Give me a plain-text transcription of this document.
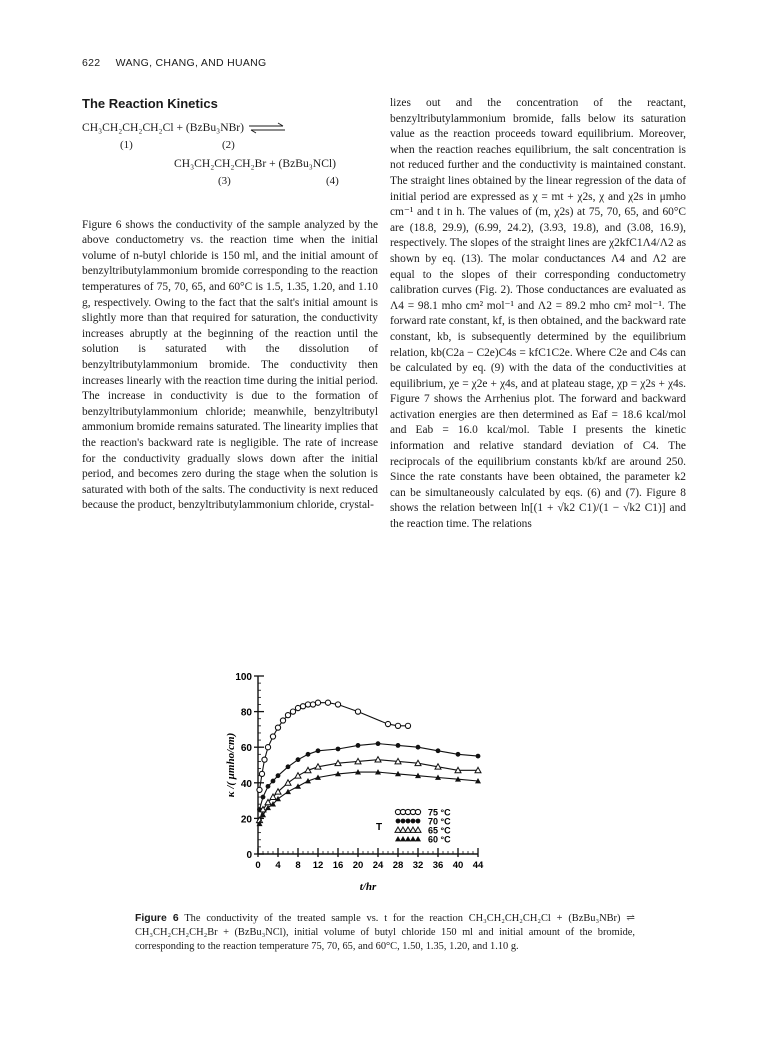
622 WANG, CHANG, AND HUANG
The Reaction Kinetics
CH₃CH₂CH₂CH₂Cl + (BzBu₃NBr) ⇌
(1)	(2)
CH₃CH₂CH₂CH₂Br + (BzBu₃NCl)
(3)	(4)

Figure 6 shows the conductivity of the sample analyzed by the above conductometry vs. the reaction time when the initial volume of n-butyl chloride is 150 ml, and the initial amount of benzyltributylammonium bromide corresponding to the reaction temperatures of 75, 70, 65, and 60°C is 1.5, 1.35, 1.20, and 1.10 g, respectively. Owing to the fact that the salt's initial amount is slightly more than that required for saturation, the conductivity increases abruptly at the beginning of the reaction until the solution is saturated with the dissolution of benzyltributylammonium bromide. The conductivity then increases linearly with the reaction time during the initial period. The increase in conductivity is due to the formation of benzyltributylammonium chloride; meanwhile, benzyltributyl ammonium bromide remains saturated. The linearity implies that the reaction's backward rate is negligible. The rate of increase for the conductivity gradually slows down after the initial period, and becomes zero during the stage when the solution is saturated with both of the salts. The conductivity is next reduced because the product, benzyltributylammonium chloride, crystal-

lizes out and the concentration of the reactant, benzyltributylammonium bromide, falls below its saturation value as the reaction proceeds toward equilibrium. Moreover, when the reaction reaches equilibrium, the salt concentration is not reduced further and the conductivity is maintained constant. The straight lines obtained by the linear regression of the data of initial period are expressed as χ = mt + χ2s, χ and χ2s in μmho cm⁻¹ and t in h. The values of (m, χ2s) at 75, 70, 65, and 60°C are (18.8, 29.9), (6.99, 24.2), (3.93, 19.8), and (3.08, 16.9), respectively. The slopes of the straight lines are χ2kfC1Λ4/Λ2 as shown by eq. (13). The molar conductances Λ4 and Λ2 are equal to the slopes of their corresponding conductometry calibration curves (Fig. 2). Those conductances are evaluated as Λ4 = 98.1 mho cm² mol⁻¹ and Λ2 = 89.2 mho cm² mol⁻¹. The forward rate constant, kf, is then obtained, and the backward rate constant, kb, is subsequently determined by the equilibrium relation, kb(C2a − C2e)C4s = kfC1C2e. Where C2e and C4s can be calculated by eq. (9) with the data of the conductivities at equilibrium, χe = χ2e + χ4s, and at plateau stage, χp = χ2s + χ4s. Figure 7 shows the Arrhenius plot. The forward and backward activation energies are then determined as Eaf = 18.6 kcal/mol and Eab = 16.0 kcal/mol. Table I presents the kinetic information and relative standard deviation of C4. The reciprocals of the equilibrium constants kb/kf are around 250. Since the rate constants have been obtained, the parameter k2 can be simultaneously calculated by eqs. (6) and (7). Figure 8 shows the relation between ln[(1 + √k2 C1)/(1 − √k2 C1)] and the reaction time. The relations

0
20
40
60
80
100
0 4 8 12 16 20 24 28 32 36 40 44
t/hr
κ /( μmho/cm)
T
75 °C
70 °C
65 °C
60 °C
Figure 6 The conductivity of the treated sample vs. t for the reaction CH₃CH₂CH₂CH₂Cl + (BzBu₃NBr) ⇌ CH₃CH₂CH₂CH₂Br + (BzBu₃NCl), initial volume of butyl chloride 150 ml and initial amount of the bromide, corresponding to the reaction temperature 75, 70, 65, and 60°C, 1.50, 1.35, 1.20, and 1.10 g.
